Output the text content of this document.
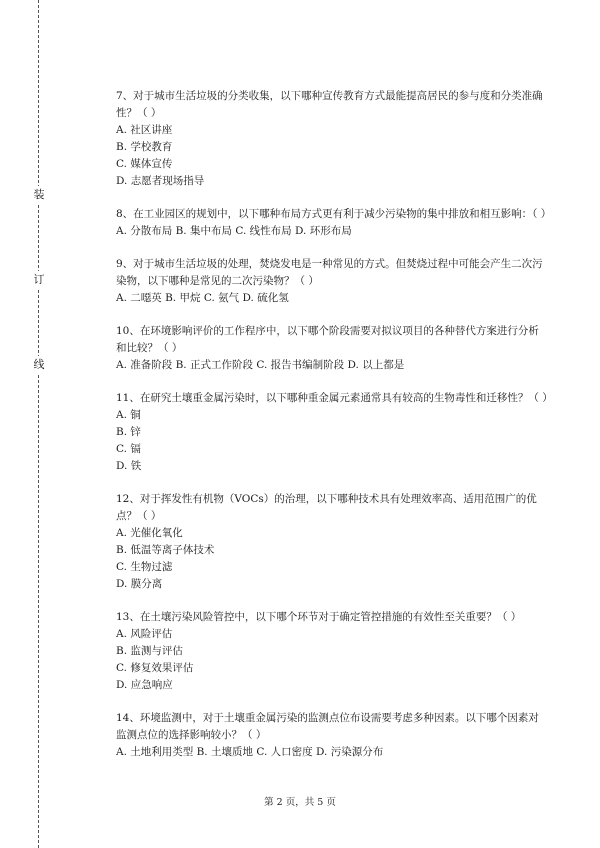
装
订
线

7、对于城市生活垃圾的分类收集，以下哪种宣传教育方式最能提高居民的参与度和分类准确性？（ ）

A. 社区讲座

B. 学校教育

C. 媒体宣传

D. 志愿者现场指导

8、在工业园区的规划中，以下哪种布局方式更有利于减少污染物的集中排放和相互影响：（ ）

A. 分散布局 B. 集中布局 C. 线性布局 D. 环形布局

9、对于城市生活垃圾的处理，焚烧发电是一种常见的方式。但焚烧过程中可能会产生二次污染物，以下哪种是常见的二次污染物？（ ）

A. 二噁英 B. 甲烷 C. 氨气 D. 硫化氢

10、在环境影响评价的工作程序中，以下哪个阶段需要对拟议项目的各种替代方案进行分析和比较？（ ）

A. 准备阶段 B. 正式工作阶段 C. 报告书编制阶段 D. 以上都是

11、在研究土壤重金属污染时，以下哪种重金属元素通常具有较高的生物毒性和迁移性？（ ）

A. 铜

B. 锌

C. 镉

D. 铁

12、对于挥发性有机物（VOCs）的治理，以下哪种技术具有处理效率高、适用范围广的优点？（ ）

A. 光催化氧化

B. 低温等离子体技术

C. 生物过滤

D. 膜分离

13、在土壤污染风险管控中，以下哪个环节对于确定管控措施的有效性至关重要？（ ）

A. 风险评估

B. 监测与评估

C. 修复效果评估

D. 应急响应

14、环境监测中，对于土壤重金属污染的监测点位布设需要考虑多种因素。以下哪个因素对监测点位的选择影响较小？（ ）

A. 土地利用类型 B. 土壤质地 C. 人口密度 D. 污染源分布

第 2 页，共 5 页
